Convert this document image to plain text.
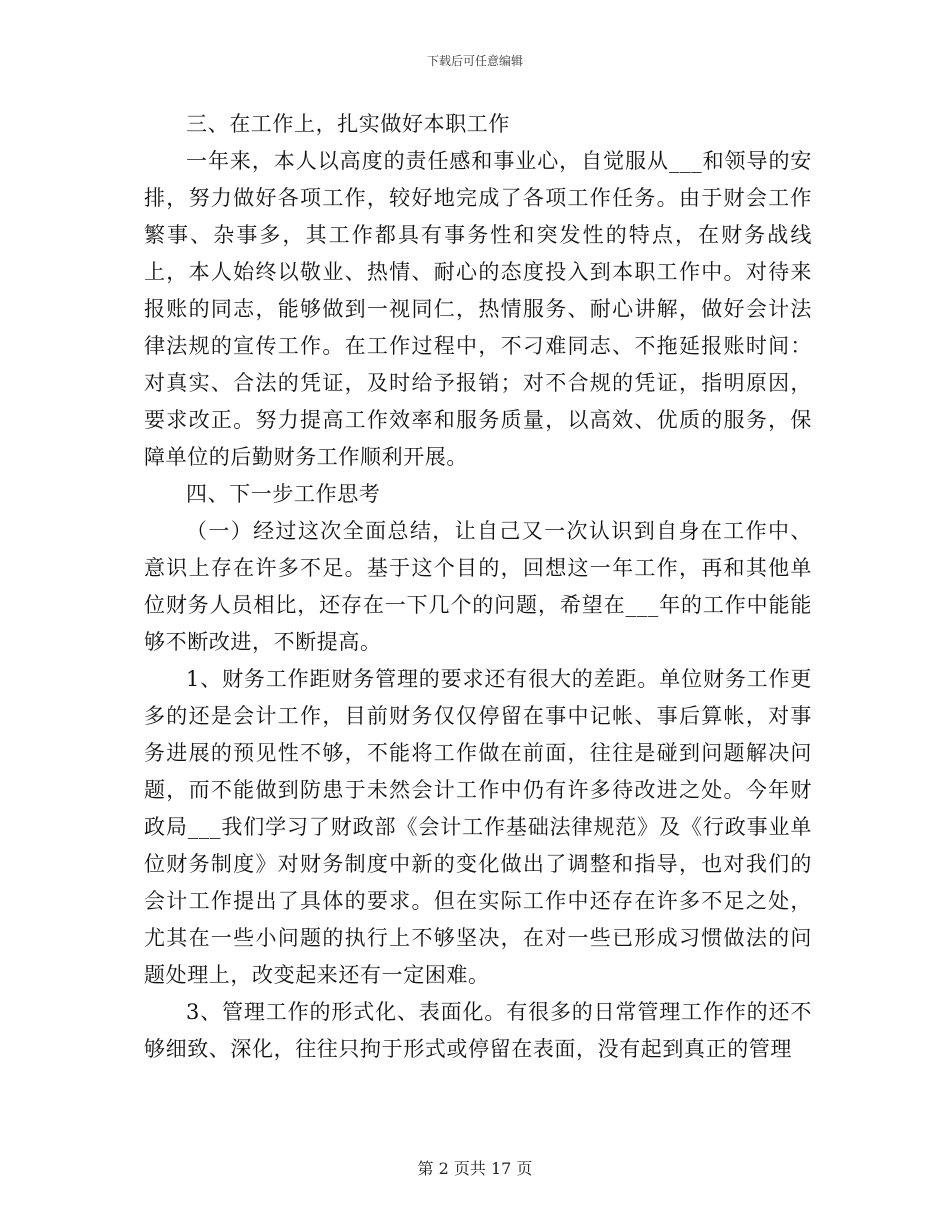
下载后可任意编辑

三、在工作上，扎实做好本职工作

一年来，本人以高度的责任感和事业心，自觉服从___和领导的安排，努力做好各项工作，较好地完成了各项工作任务。由于财会工作繁事、杂事多，其工作都具有事务性和突发性的特点，在财务战线上，本人始终以敬业、热情、耐心的态度投入到本职工作中。对待来报账的同志，能够做到一视同仁，热情服务、耐心讲解，做好会计法律法规的宣传工作。在工作过程中，不刁难同志、不拖延报账时间：对真实、合法的凭证，及时给予报销；对不合规的凭证，指明原因，要求改正。努力提高工作效率和服务质量，以高效、优质的服务，保障单位的后勤财务工作顺利开展。

四、下一步工作思考

（一）经过这次全面总结，让自己又一次认识到自身在工作中、意识上存在许多不足。基于这个目的，回想这一年工作，再和其他单位财务人员相比，还存在一下几个的问题，希望在___年的工作中能能够不断改进，不断提高。

1、财务工作距财务管理的要求还有很大的差距。单位财务工作更多的还是会计工作，目前财务仅仅停留在事中记帐、事后算帐，对事务进展的预见性不够，不能将工作做在前面，往往是碰到问题解决问题，而不能做到防患于未然会计工作中仍有许多待改进之处。今年财政局___我们学习了财政部《会计工作基础法律规范》及《行政事业单位财务制度》对财务制度中新的变化做出了调整和指导，也对我们的会计工作提出了具体的要求。但在实际工作中还存在许多不足之处，尤其在一些小问题的执行上不够坚决，在对一些已形成习惯做法的问题处理上，改变起来还有一定困难。

3、管理工作的形式化、表面化。有很多的日常管理工作作的还不够细致、深化，往往只拘于形式或停留在表面，没有起到真正的管理

第 2 页共 17 页
